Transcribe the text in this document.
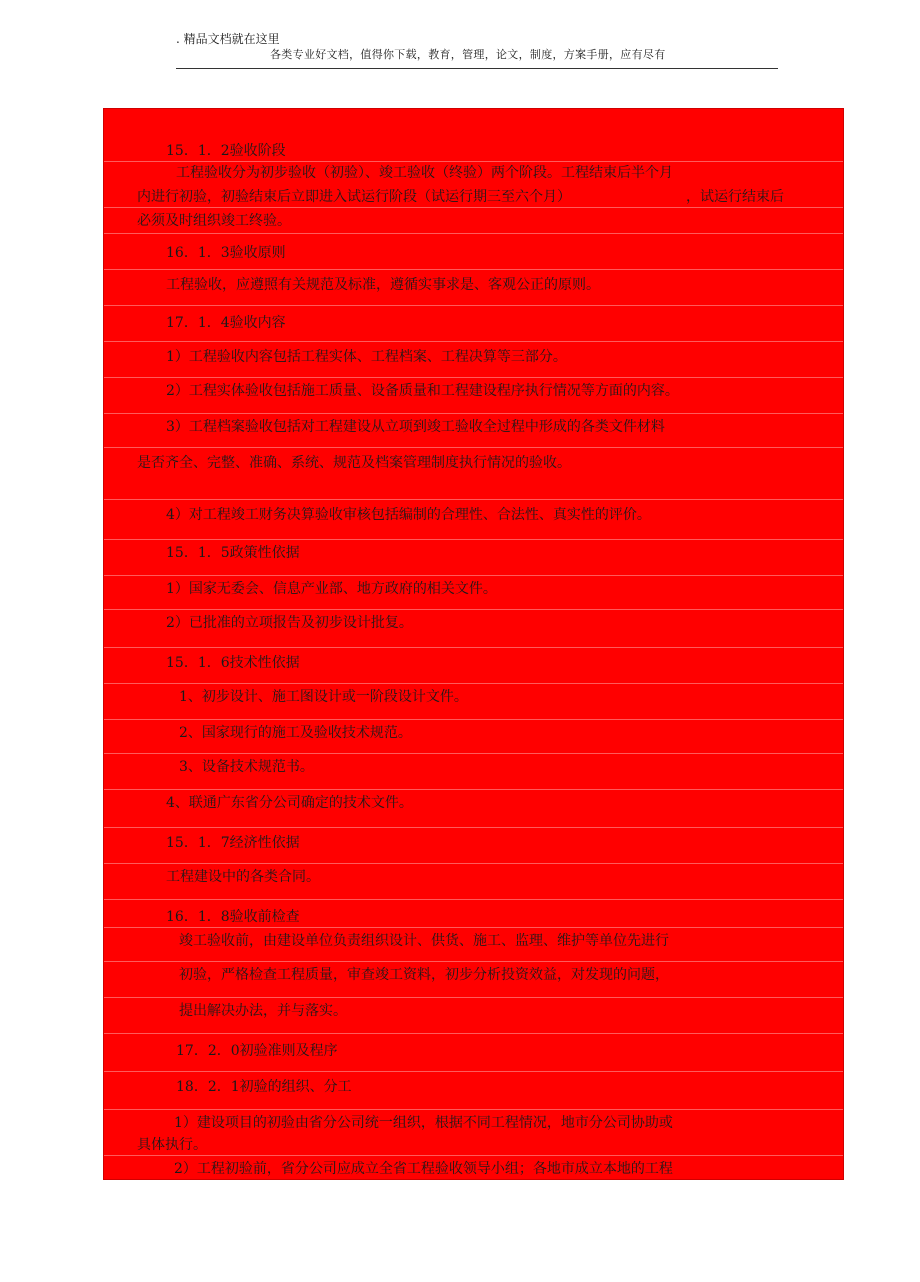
. 精品文档就在这里
各类专业好文档，值得你下载，教育，管理，论文，制度，方案手册，应有尽有
15．1．2验收阶段
工程验收分为初步验收（初验）、竣工验收（终验）两个阶段。工程结束后半个月
内进行初验，初验结束后立即进入试运行阶段（试运行期三至六个月）	，试运行结束后
必须及时组织竣工终验。
16．1．3验收原则
工程验收，应遵照有关规范及标准，遵循实事求是、客观公正的原则。
17．1．4验收内容
1）工程验收内容包括工程实体、工程档案、工程决算等三部分。
2）工程实体验收包括施工质量、设备质量和工程建设程序执行情况等方面的内容。
3）工程档案验收包括对工程建设从立项到竣工验收全过程中形成的各类文件材料
是否齐全、完整、准确、系统、规范及档案管理制度执行情况的验收。
4）对工程竣工财务决算验收审核包括编制的合理性、合法性、真实性的评价。
15．1．5政策性依据
1）国家无委会、信息产业部、地方政府的相关文件。
2）已批准的立项报告及初步设计批复。
15．1．6技术性依据
1、初步设计、施工图设计或一阶段设计文件。
2、国家现行的施工及验收技术规范。
3、设备技术规范书。
4、联通广东省分公司确定的技术文件。
15．1．7经济性依据
工程建设中的各类合同。
16．1．8验收前检查
竣工验收前，由建设单位负责组织设计、供货、施工、监理、维护等单位先进行
初验，严格检查工程质量，审查竣工资料，初步分析投资效益，对发现的问题，
提出解决办法，并与落实。
17．2．0初验准则及程序
18．2．1初验的组织、分工
1）建设项目的初验由省分公司统一组织，根据不同工程情况，地市分公司协助或
具体执行。
2）工程初验前，省分公司应成立全省工程验收领导小组；各地市成立本地的工程
